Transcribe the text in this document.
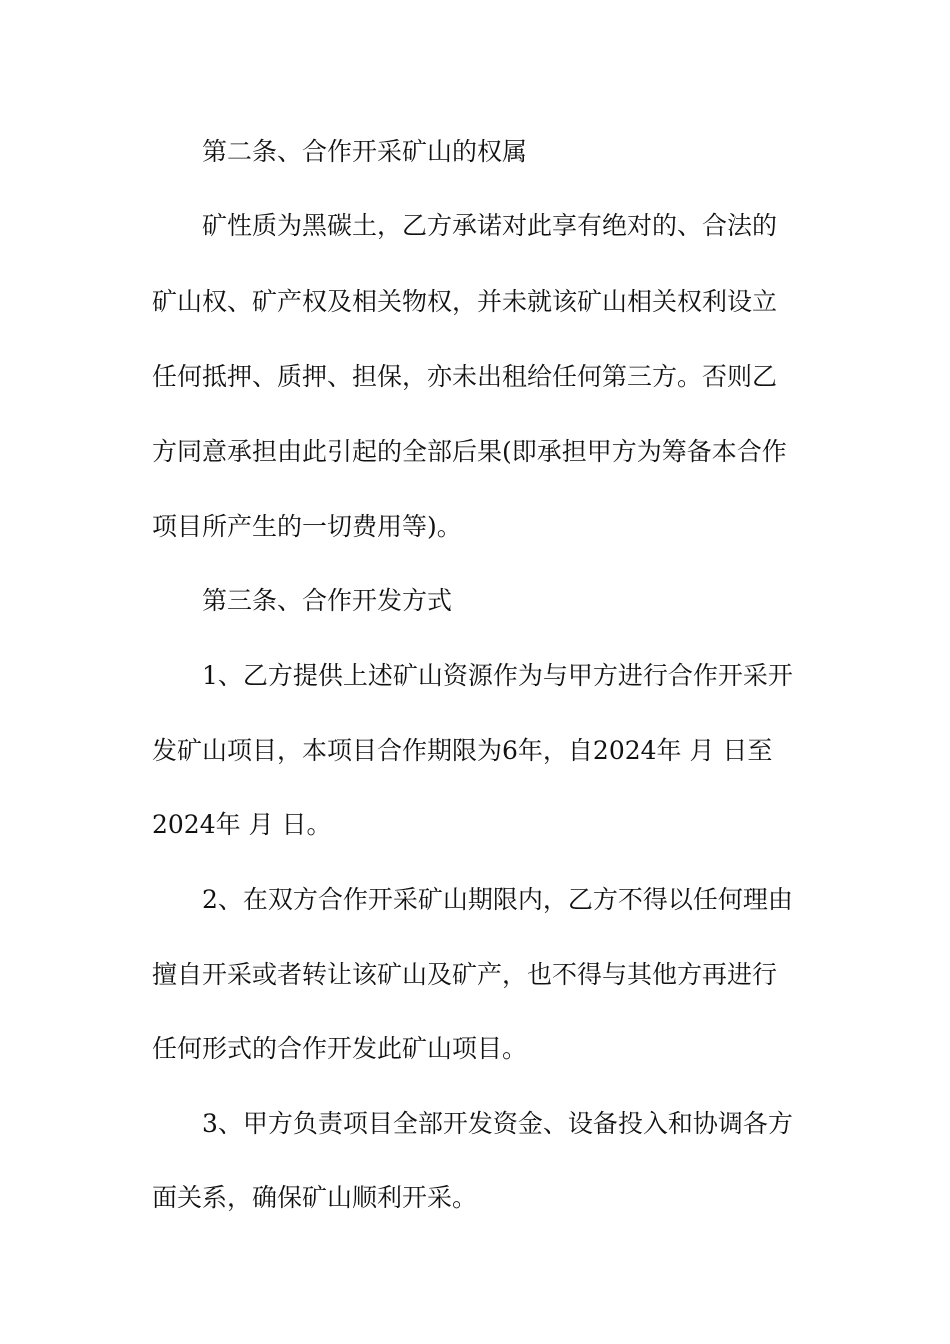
第二条、合作开采矿山的权属
矿性质为黑碳土，乙方承诺对此享有绝对的、合法的
矿山权、矿产权及相关物权，并未就该矿山相关权利设立
任何抵押、质押、担保，亦未出租给任何第三方。否则乙
方同意承担由此引起的全部后果(即承担甲方为筹备本合作
项目所产生的一切费用等)。
第三条、合作开发方式
1、乙方提供上述矿山资源作为与甲方进行合作开采开
发矿山项目，本项目合作期限为6年，自2024年 月 日至
2024年 月 日。
2、在双方合作开采矿山期限内，乙方不得以任何理由
擅自开采或者转让该矿山及矿产，也不得与其他方再进行
任何形式的合作开发此矿山项目。
3、甲方负责项目全部开发资金、设备投入和协调各方
面关系，确保矿山顺利开采。
